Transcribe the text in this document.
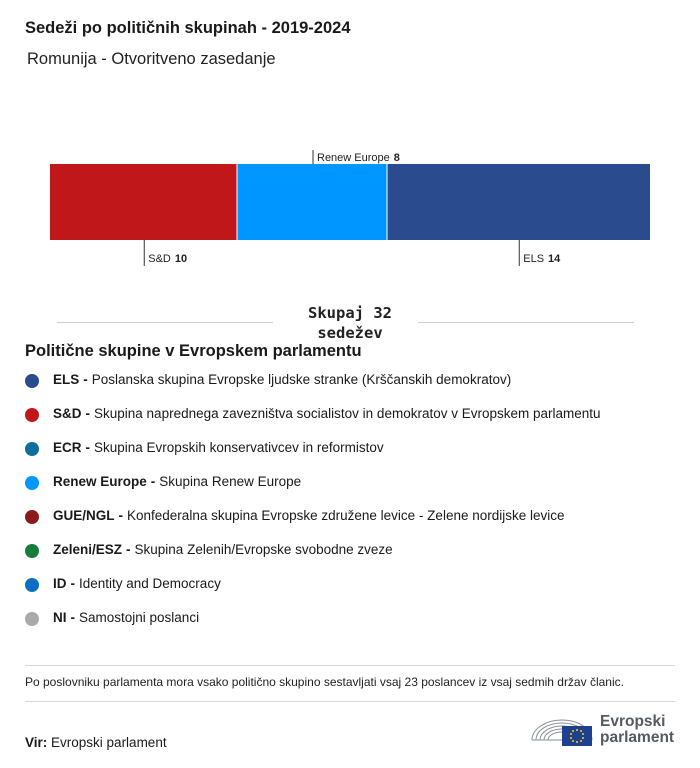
Sedeži po političnih skupinah - 2019-2024
Romunija - Otvoritveno zasedanje
S&D 10
Renew Europe 8
ELS 14
Skupaj 32 sedežev
Politične skupine v Evropskem parlamentu
ELS - Poslanska skupina Evropske ljudske stranke (Krščanskih demokratov)
S&D - Skupina naprednega zavezništva socialistov in demokratov v Evropskem parlamentu
ECR - Skupina Evropskih konservativcev in reformistov
Renew Europe - Skupina Renew Europe
GUE/NGL - Konfederalna skupina Evropske združene levice - Zelene nordijske levice
Zeleni/ESZ - Skupina Zelenih/Evropske svobodne zveze
ID - Identity and Democracy
NI - Samostojni poslanci
Po poslovniku parlamenta mora vsako politično skupino sestavljati vsaj 23 poslancev iz vsaj sedmih držav članic.
Vir: Evropski parlament
Evropski
parlament
